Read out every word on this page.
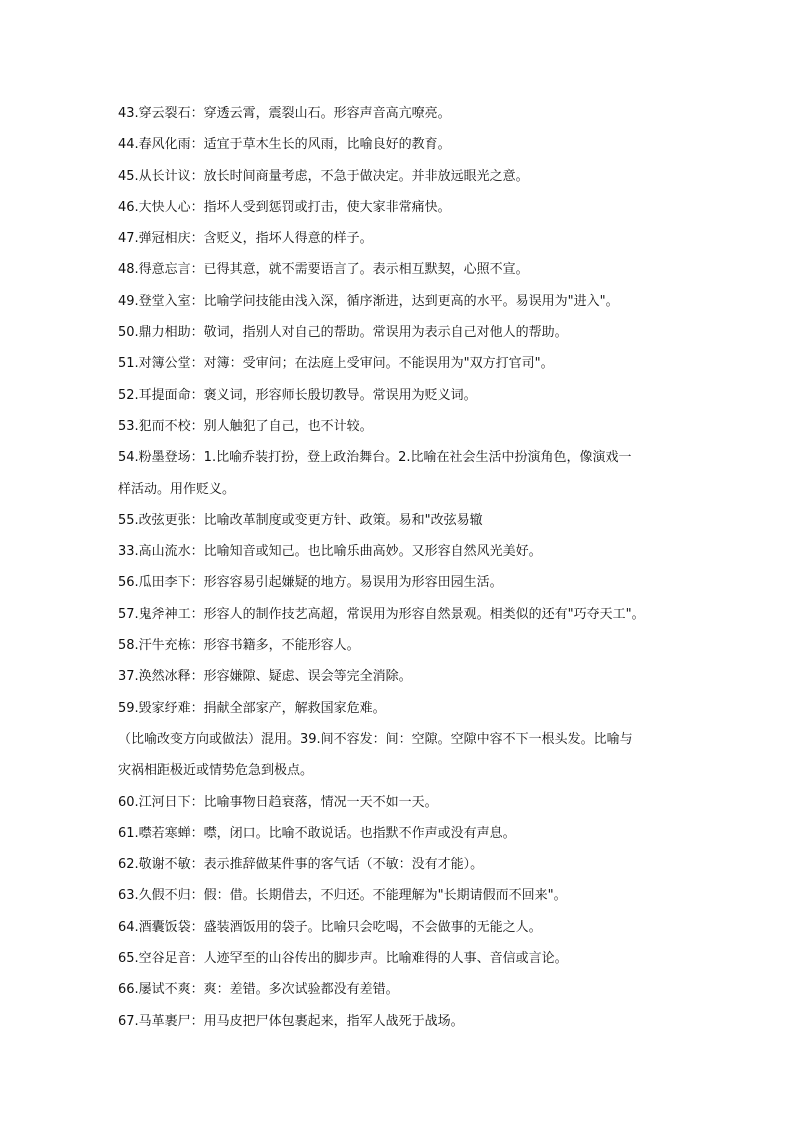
43.穿云裂石：穿透云霄，震裂山石。形容声音高亢嘹亮。
44.春风化雨：适宜于草木生长的风雨，比喻良好的教育。
45.从长计议：放长时间商量考虑，不急于做决定。并非放远眼光之意。
46.大快人心：指坏人受到惩罚或打击，使大家非常痛快。
47.弹冠相庆：含贬义，指坏人得意的样子。
48.得意忘言：已得其意，就不需要语言了。表示相互默契，心照不宣。
49.登堂入室：比喻学问技能由浅入深，循序渐进，达到更高的水平。易误用为"进入"。
50.鼎力相助：敬词，指别人对自己的帮助。常误用为表示自己对他人的帮助。
51.对簿公堂：对簿：受审问；在法庭上受审问。不能误用为"双方打官司"。
52.耳提面命：褒义词，形容师长殷切教导。常误用为贬义词。
53.犯而不校：别人触犯了自己，也不计较。
54.粉墨登场：1.比喻乔装打扮，登上政治舞台。2.比喻在社会生活中扮演角色，像演戏一
样活动。用作贬义。
55.改弦更张：比喻改革制度或变更方针、政策。易和"改弦易辙
33.高山流水：比喻知音或知己。也比喻乐曲高妙。又形容自然风光美好。
56.瓜田李下：形容容易引起嫌疑的地方。易误用为形容田园生活。
57.鬼斧神工：形容人的制作技艺高超，常误用为形容自然景观。相类似的还有"巧夺天工"。
58.汗牛充栋：形容书籍多，不能形容人。
37.涣然冰释：形容嫌隙、疑虑、误会等完全消除。
59.毁家纾难：捐献全部家产，解救国家危难。
（比喻改变方向或做法）混用。39.间不容发：间：空隙。空隙中容不下一根头发。比喻与
灾祸相距极近或情势危急到极点。
60.江河日下：比喻事物日趋衰落，情况一天不如一天。
61.噤若寒蝉：噤，闭口。比喻不敢说话。也指默不作声或没有声息。
62.敬谢不敏：表示推辞做某件事的客气话（不敏：没有才能）。
63.久假不归：假：借。长期借去，不归还。不能理解为"长期请假而不回来"。
64.酒囊饭袋：盛装酒饭用的袋子。比喻只会吃喝，不会做事的无能之人。
65.空谷足音：人迹罕至的山谷传出的脚步声。比喻难得的人事、音信或言论。
66.屡试不爽：爽：差错。多次试验都没有差错。
67.马革裹尸：用马皮把尸体包裹起来，指军人战死于战场。
